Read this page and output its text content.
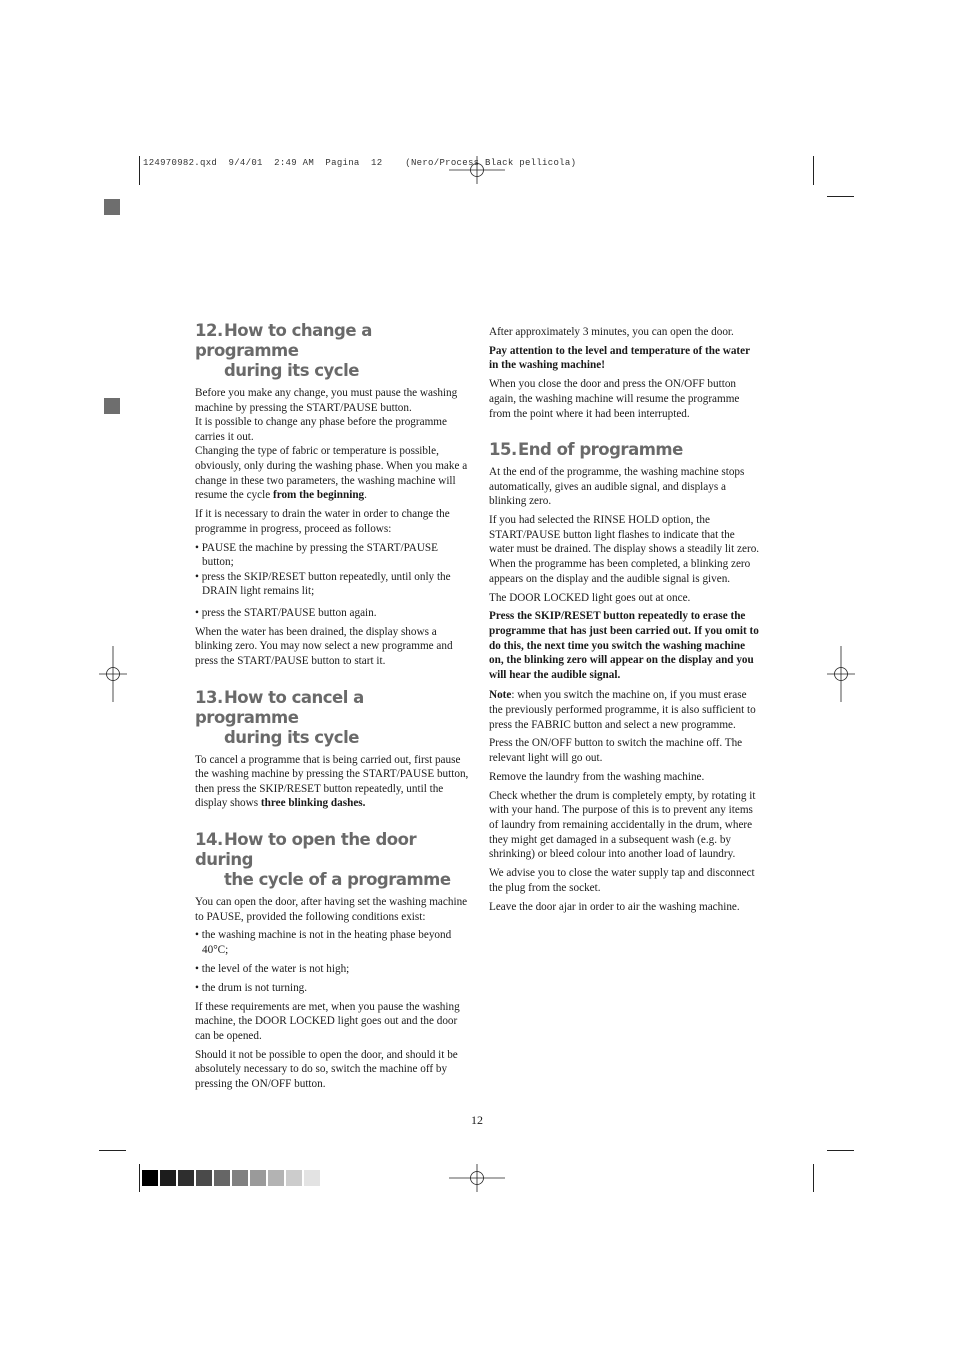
124970982.qxd  9/4/01  2:49 AM  Pagina  12    (Nero/Process Black pellicola)
12.How to change a programme
during its cycle

Before you make any change, you must pause the washing machine by pressing the START/PAUSE button.

It is possible to change any phase before the programme carries it out.

Changing the type of fabric or temperature is possible, obviously, only during the washing phase. When you make a change in these two parameters, the washing machine will resume the cycle from the beginning.

If it is necessary to drain the water in order to change the programme in progress, proceed as follows:

• PAUSE the machine by pressing the START/PAUSE button;

• press the SKIP/RESET button repeatedly, until only the DRAIN light remains lit;

• press the START/PAUSE button again.

When the water has been drained, the display shows a blinking zero. You may now select a new programme and press the START/PAUSE button to start it.

13.How to cancel a programme
during its cycle

To cancel a programme that is being carried out, first pause the washing machine by pressing the START/PAUSE button, then press the SKIP/RESET button repeatedly, until the display shows three blinking dashes.

14.How to open the door during
the cycle of a programme

You can open the door, after having set the washing machine to PAUSE, provided the following conditions exist:

• the washing machine is not in the heating phase beyond 40°C;

• the level of the water is not high;

• the drum is not turning.

If these requirements are met, when you pause the washing machine, the DOOR LOCKED light goes out and the door can be opened.

Should it not be possible to open the door, and should it be absolutely necessary to do so, switch the machine off by pressing the ON/OFF button.

After approximately 3 minutes, you can open the door.

Pay attention to the level and temperature of the water in the washing machine!

When you close the door and press the ON/OFF button again, the washing machine will resume the programme from the point where it had been interrupted.

15.End of programme

At the end of the programme, the washing machine stops automatically, gives an audible signal, and displays a blinking zero.

If you had selected the RINSE HOLD option, the START/PAUSE button light flashes to indicate that the water must be drained. The display shows a steadily lit zero.

When the programme has been completed, a blinking zero appears on the display and the audible signal is given.

The DOOR LOCKED light goes out at once.

Press the SKIP/RESET button repeatedly to erase the programme that has just been carried out. If you omit to do this, the next time you switch the washing machine on, the blinking zero will appear on the display and you will hear the audible signal.

Note: when you switch the machine on, if you must erase the previously performed programme, it is also sufficient to press the FABRIC button and select a new programme.

Press the ON/OFF button to switch the machine off. The relevant light will go out.

Remove the laundry from the washing machine.

Check whether the drum is completely empty, by rotating it with your hand. The purpose of this is to prevent any items of laundry from remaining accidentally in the drum, where they might get damaged in a subsequent wash (e.g. by shrinking) or bleed colour into another load of laundry.

We advise you to close the water supply tap and disconnect the plug from the socket.

Leave the door ajar in order to air the washing machine.

12
